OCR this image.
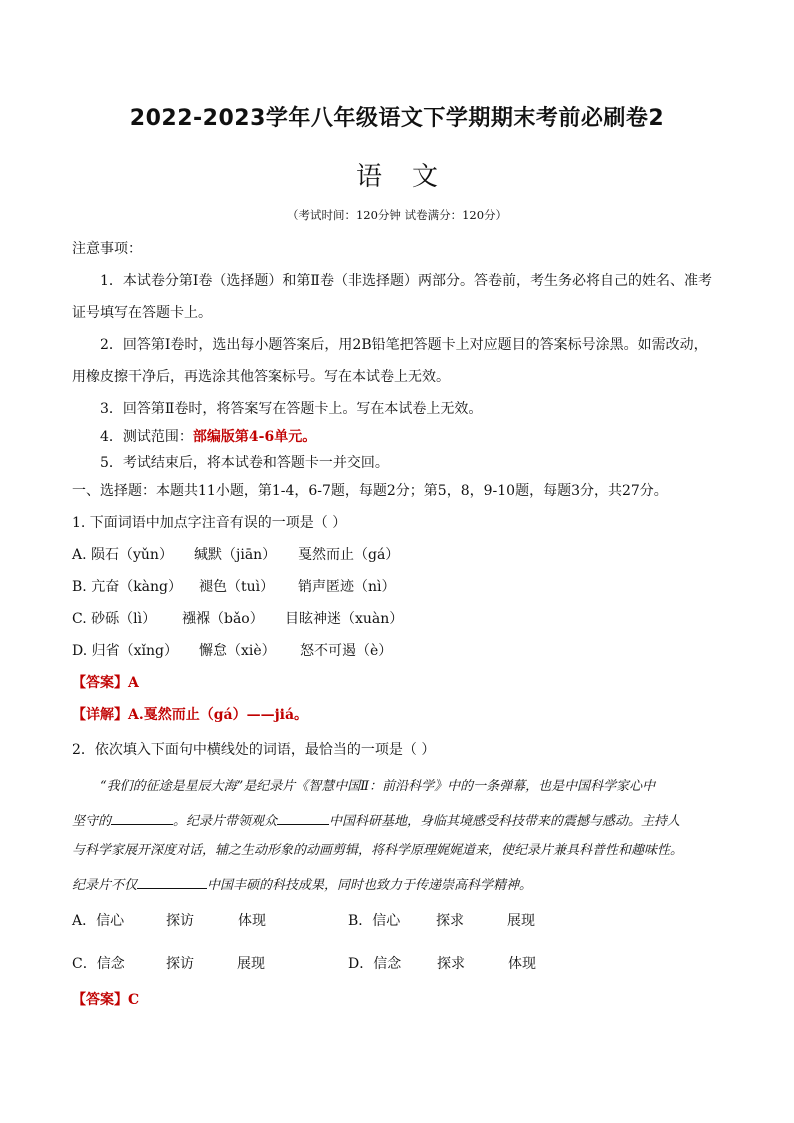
2022-2023学年八年级语文下学期期末考前必刷卷2
语文
（考试时间：120分钟 试卷满分：120分）
注意事项：
1．本试卷分第Ⅰ卷（选择题）和第Ⅱ卷（非选择题）两部分。答卷前，考生务必将自己的姓名、准考
证号填写在答题卡上。
2．回答第Ⅰ卷时，选出每小题答案后，用2B铅笔把答题卡上对应题目的答案标号涂黑。如需改动，
用橡皮擦干净后，再选涂其他答案标号。写在本试卷上无效。
3．回答第Ⅱ卷时，将答案写在答题卡上。写在本试卷上无效。
4．测试范围：部编版第4-6单元。
5．考试结束后，将本试卷和答题卡一并交回。
一、选择题：本题共11小题，第1-4，6-7题，每题2分；第5，8，9-10题，每题3分，共27分。
1. 下面词语中加点字注音有误的一项是（ ）
A. 陨石（yǔn） 缄默（jiān） 戛然而止（gá）
B. 亢奋（kàng） 褪色（tuì） 销声匿迹（nì）
C. 砂砾（lì） 襁褓（bǎo） 目眩神迷（xuàn）
D. 归省（xǐng） 懈怠（xiè） 怒不可遏（è）
【答案】A
【详解】A.戛然而止（gá）——jiá。
2．依次填入下面句中横线处的词语，最恰当的一项是（ ）
“我们的征途是星辰大海”是纪录片《智慧中国Ⅱ：前沿科学》中的一条弹幕，也是中国科学家心中
坚守的	。纪录片带领观众	中国科研基地，身临其境感受科技带来的震撼与感动。主持人
与科学家展开深度对话，辅之生动形象的动画剪辑，将科学原理娓娓道来，使纪录片兼具科普性和趣味性。
纪录片不仅	中国丰硕的科技成果，同时也致力于传递崇高科学精神。
A．信心	探访	体现	B．信心	探求	展现
C．信念	探访	展现	D．信念	探求	体现
【答案】C
